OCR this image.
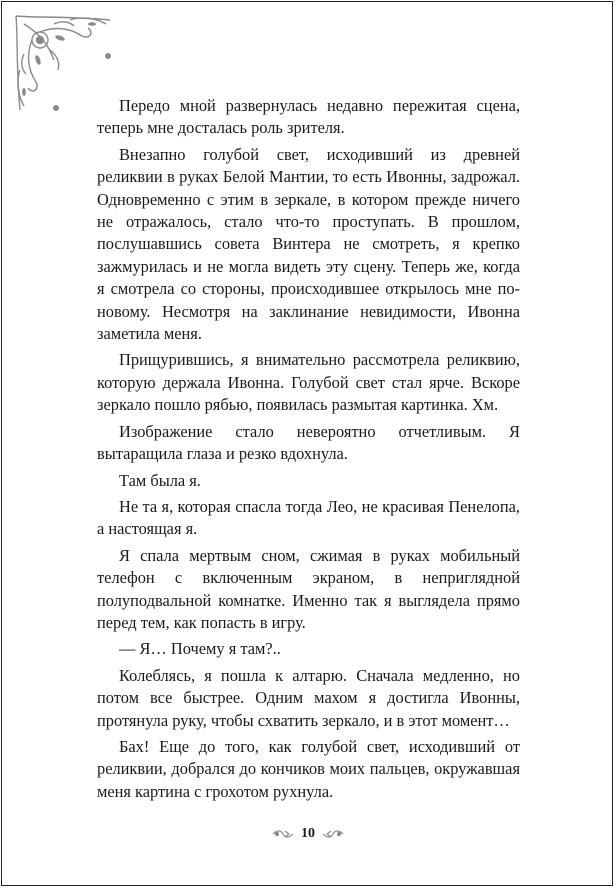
Передо мной развернулась недавно пережитая сцена, теперь мне досталась роль зрителя.

Внезапно голубой свет, исходивший из древней реликвии в руках Белой Мантии, то есть Ивонны, задрожал. Одновременно с этим в зеркале, в котором прежде ничего не отражалось, стало что-то проступать. В прошлом, послушавшись совета Винтера не смотреть, я крепко зажмурилась и не могла видеть эту сцену. Теперь же, когда я смотрела со стороны, происходившее открылось мне по-новому. Несмотря на заклинание невидимости, Ивонна заметила меня.

Прищурившись, я внимательно рассмотрела реликвию, которую держала Ивонна. Голубой свет стал ярче. Вскоре зеркало пошло рябью, появилась размытая картинка. Хм.

Изображение стало невероятно отчетливым. Я вытаращила глаза и резко вдохнула.

Там была я.

Не та я, которая спасла тогда Лео, не красивая Пенелопа, а настоящая я.

Я спала мертвым сном, сжимая в руках мобильный телефон с включенным экраном, в неприглядной полуподвальной комнатке. Именно так я выглядела прямо перед тем, как попасть в игру.

— Я… Почему я там?..

Колеблясь, я пошла к алтарю. Сначала медленно, но потом все быстрее. Одним махом я достигла Ивонны, протянула руку, чтобы схватить зеркало, и в этот момент…

Бах! Еще до того, как голубой свет, исходивший от реликвии, добрался до кончиков моих пальцев, окружавшая меня картина с грохотом рухнула.

10
